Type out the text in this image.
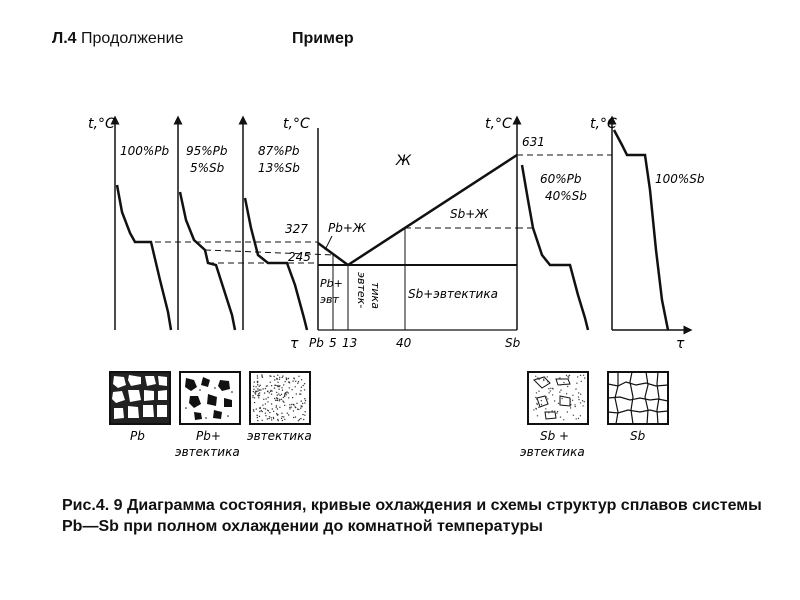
Л.4 Продолжение	Пример
t,°C
100%Pb 95%Pb
5%Sb
t,°C
87%Pb
13%Sb
t,°C
327
245
631
Ж
Pb+Ж
Sb+Ж
Pb+
эвт эвтек- тика Sb+эвтектика
τ Pb 5 13	40	Sb
60%Pb
40%Sb
t,°C
100%Sb
τ
Pb	Pb+
эвтектика
эвтектика	Sb +
эвтектика
Sb
Рис.4. 9 Диаграмма состояния, кривые охлаждения и схемы структур сплавов системы Pb—Sb при полном охлаждении до комнатной температуры
